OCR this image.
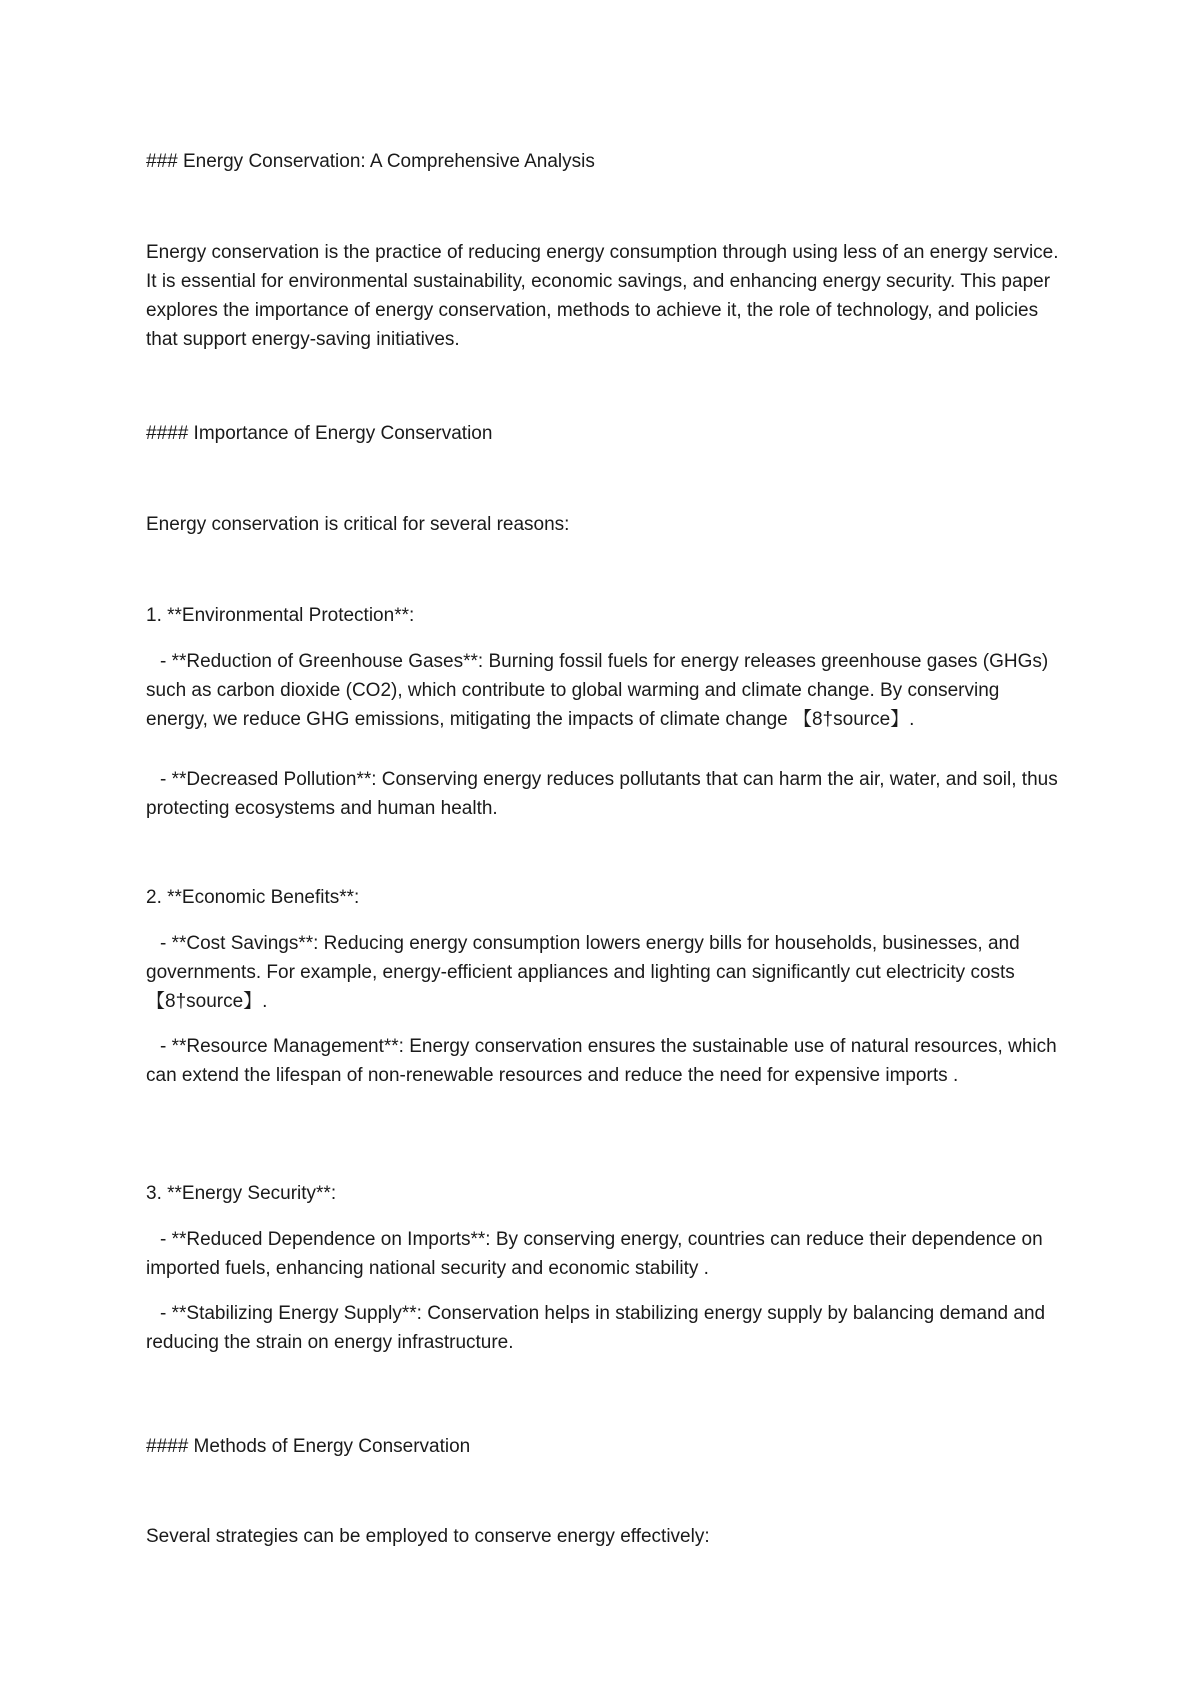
### Energy Conservation: A Comprehensive Analysis

Energy conservation is the practice of reducing energy consumption through using less of an energy service. It is essential for environmental sustainability, economic savings, and enhancing energy security. This paper explores the importance of energy conservation, methods to achieve it, the role of technology, and policies that support energy-saving initiatives.

#### Importance of Energy Conservation

Energy conservation is critical for several reasons:

1. **Environmental Protection**:

- **Reduction of Greenhouse Gases**: Burning fossil fuels for energy releases greenhouse gases (GHGs) such as carbon dioxide (CO2), which contribute to global warming and climate change. By conserving energy, we reduce GHG emissions, mitigating the impacts of climate change 【8†source】.

- **Decreased Pollution**: Conserving energy reduces pollutants that can harm the air, water, and soil, thus protecting ecosystems and human health.

2. **Economic Benefits**:

- **Cost Savings**: Reducing energy consumption lowers energy bills for households, businesses, and governments. For example, energy-efficient appliances and lighting can significantly cut electricity costs 【8†source】.

- **Resource Management**: Energy conservation ensures the sustainable use of natural resources, which can extend the lifespan of non-renewable resources and reduce the need for expensive imports .

3. **Energy Security**:

- **Reduced Dependence on Imports**: By conserving energy, countries can reduce their dependence on imported fuels, enhancing national security and economic stability .

- **Stabilizing Energy Supply**: Conservation helps in stabilizing energy supply by balancing demand and reducing the strain on energy infrastructure.

#### Methods of Energy Conservation

Several strategies can be employed to conserve energy effectively:
